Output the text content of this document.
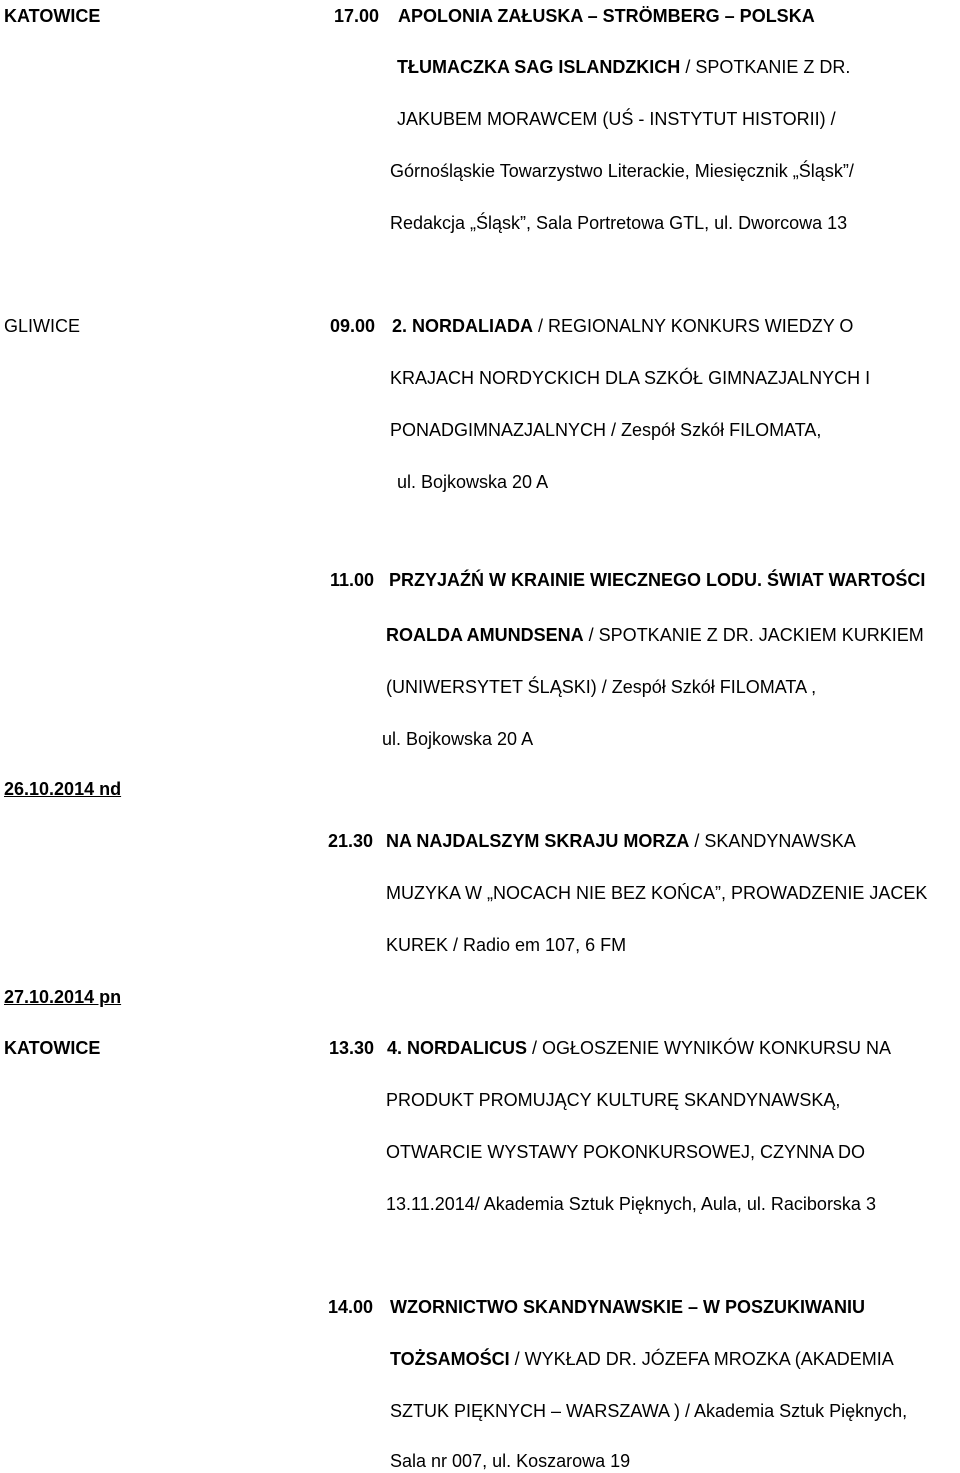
KATOWICE	17.00 APOLONIA ZAŁUSKA – STRÖMBERG – POLSKA
TŁUMACZKA SAG ISLANDZKICH / SPOTKANIE Z DR.
JAKUBEM MORAWCEM (UŚ - INSTYTUT HISTORII) /
Górnośląskie Towarzystwo Literackie, Miesięcznik „Śląsk”/
Redakcja „Śląsk”, Sala Portretowa GTL, ul. Dworcowa 13
GLIWICE	09.00 2. NORDALIADA / REGIONALNY KONKURS WIEDZY O
KRAJACH NORDYCKICH DLA SZKÓŁ GIMNAZJALNYCH I
PONADGIMNAZJALNYCH / Zespół Szkół FILOMATA,
ul. Bojkowska 20 A
11.00 PRZYJAŹŃ W KRAINIE WIECZNEGO LODU. ŚWIAT WARTOŚCI
ROALDA AMUNDSENA / SPOTKANIE Z DR. JACKIEM KURKIEM
(UNIWERSYTET ŚLĄSKI) / Zespół Szkół FILOMATA ,
ul. Bojkowska 20 A
26.10.2014 nd
21.30 NA NAJDALSZYM SKRAJU MORZA / SKANDYNAWSKA
MUZYKA W „NOCACH NIE BEZ KOŃCA”, PROWADZENIE JACEK
KUREK / Radio em 107, 6 FM
27.10.2014 pn
KATOWICE	13.30 4. NORDALICUS / OGŁOSZENIE WYNIKÓW KONKURSU NA
PRODUKT PROMUJĄCY KULTURĘ SKANDYNAWSKĄ,
OTWARCIE WYSTAWY POKONKURSOWEJ, CZYNNA DO
13.11.2014/ Akademia Sztuk Pięknych, Aula, ul. Raciborska 3
14.00 WZORNICTWO SKANDYNAWSKIE – W POSZUKIWANIU
TOŻSAMOŚCI / WYKŁAD DR. JÓZEFA MROZKA (AKADEMIA
SZTUK PIĘKNYCH – WARSZAWA ) / Akademia Sztuk Pięknych,
Sala nr 007, ul. Koszarowa 19
